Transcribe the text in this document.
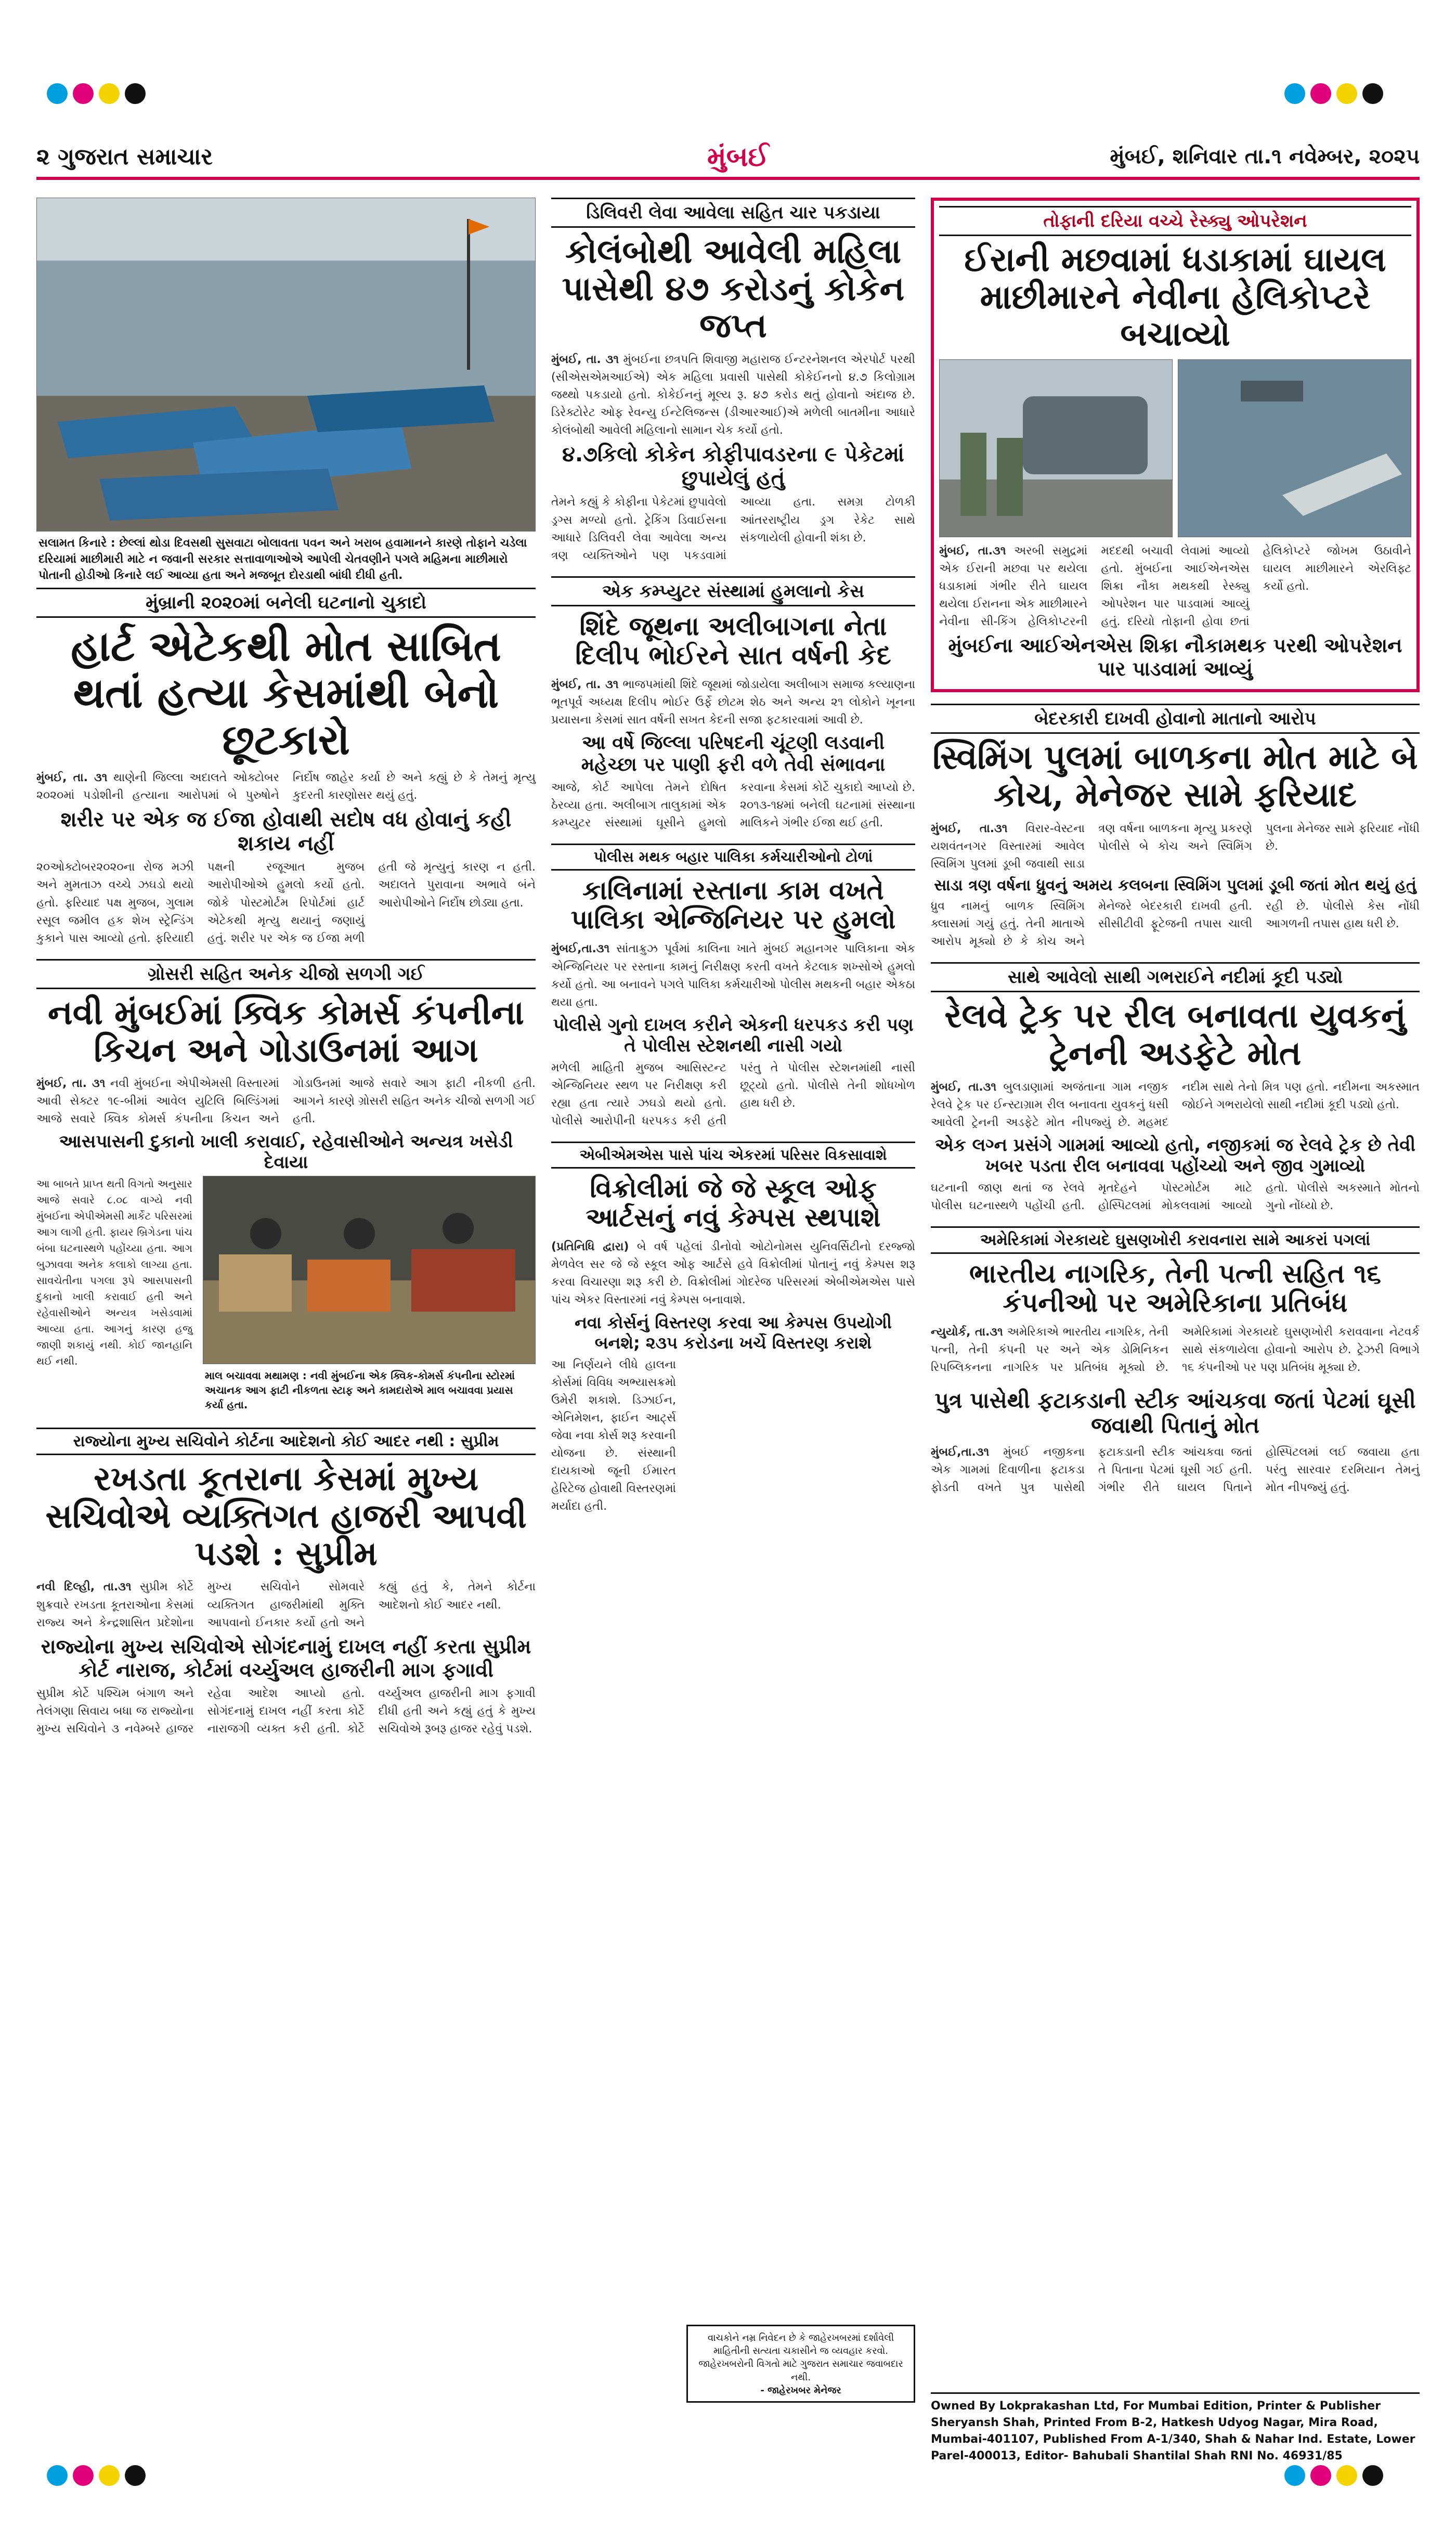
૨ ગુજરાત સમાચાર	મુંબઈ	મુંબઈ, શનિવાર તા.૧ નવેમ્બર, ૨૦૨૫
સલામત કિનારે : છેલ્લાં થોડા દિવસથી સુસવાટા બોલાવતા પવન અને ખરાબ હવામાનને કારણે તોફાને ચડેલા દરિયામાં માછીમારી માટે ન જવાની સરકાર સત્તાવાળાઓએ આપેલી ચેતવણીને પગલે મહિમના માછીમારો પોતાની હોડીઓ કિનારે લઈ આવ્યા હતા અને મજબૂત દોરડાથી બાંધી દીધી હતી.
મુંબ્રાની ૨૦૨૦માં બનેલી ઘટનાનો ચુકાદો
હાર્ટ એટેકથી મોત સાબિત થતાં હત્યા કેસમાંથી બેનો છૂટકારો
મુંબઈ, તા. ૩૧ થાણેની જિલ્લા અદાલતે ઓક્ટોબર ૨૦૨૦માં પડોશીની હત્યાના આરોપમાં બે પુરુષોને નિર્દોષ જાહેર કર્યા છે અને કહ્યું છે કે તેમનું મૃત્યુ કુદરતી કારણોસર થયું હતું.
શરીર પર એક જ ઈજા હોવાથી સદોષ વધ હોવાનું કહી શકાય નહીં
૨૦ઓક્ટોબર૨૦૨૦ના રોજ મઝી અને મુમતાઝ વચ્ચે ઝઘડો થયો હતો. ફરિયાદ પક્ષ મુજબ, ગુલામ રસૂલ જમીલ હક શેખ સ્ટ્રેન્ડિંગ કુકાને પાસ આવ્યો હતો. ફરિયાદી પક્ષની રજૂઆત મુજબ આરોપીઓએ હુમલો કર્યો હતો. જોકે પોસ્ટમોર્ટમ રિપોર્ટમાં હાર્ટ એટેકથી મૃત્યુ થયાનું જણાયું હતું. શરીર પર એક જ ઈજા મળી હતી જે મૃત્યુનું કારણ ન હતી. અદાલતે પુરાવાના અભાવે બંને આરોપીઓને નિર્દોષ છોડ્યા હતા.
ગ્રોસરી સહિત અનેક ચીજો સળગી ગઈ
નવી મુંબઈમાં ક્વિક કોમર્સ કંપનીના કિચન અને ગોડાઉનમાં આગ
મુંબઈ, તા. ૩૧ નવી મુંબઈના એપીએમસી વિસ્તારમાં આવી સેક્ટર ૧૯-બીમાં આવેલ યુટિલિ બિલ્ડિંગમાં આજે સવારે ક્વિક કોમર્સ કંપનીના કિચન અને ગોડાઉનમાં આજે સવારે આગ ફાટી નીકળી હતી. આગને કારણે ગ્રોસરી સહિત અનેક ચીજો સળગી ગઈ હતી.
આસપાસની દુકાનો ખાલી કરાવાઈ, રહેવાસીઓને અન્યત્ર ખસેડી દેવાયા
આ બાબતે પ્રાપ્ત થતી વિગતો અનુસાર આજે સવારે ૮.૦૮ વાગ્યે નવી મુંબઈના એપીએમસી માર્કેટ પરિસરમાં આગ લાગી હતી. ફાયર બ્રિગેડના પાંચ બંબા ઘટનાસ્થળે પહોંચ્યા હતા. આગ બુઝાવવા અનેક કલાકો લાગ્યા હતા. સાવચેતીના પગલા રૂપે આસપાસની દુકાનો ખાલી કરાવાઈ હતી અને રહેવાસીઓને અન્યત્ર ખસેડવામાં આવ્યા હતા. આગનું કારણ હજુ જાણી શકાયું નથી. કોઈ જાનહાનિ થઈ નથી.
માલ બચાવવા મથામણ : નવી મુંબઈના એક ક્વિક-કોમર્સ કંપનીના સ્ટોરમાં અચાનક આગ ફાટી નીકળતા સ્ટાફ અને કામદારોએ માલ બચાવવા પ્રયાસ કર્યા હતા.
રાજ્યોના મુખ્ય સચિવોને કોર્ટના આદેશનો કોઈ આદર નથી : સુપ્રીમ
રખડતા કૂતરાના કેસમાં મુખ્ય સચિવોએ વ્યક્તિગત હાજરી આપવી પડશે : સુપ્રીમ
નવી દિલ્હી, તા.૩૧ સુપ્રીમ કોર્ટે શુક્રવારે રખડતા કૂતરાઓના કેસમાં રાજ્ય અને કેન્દ્રશાસિત પ્રદેશોના મુખ્ય સચિવોને સોમવારે વ્યક્તિગત હાજરીમાંથી મુક્તિ આપવાનો ઈનકાર કર્યો હતો અને કહ્યું હતું કે, તેમને કોર્ટના આદેશનો કોઈ આદર નથી.
રાજ્યોના મુખ્ય સચિવોએ સોગંદનામું દાખલ નહીં કરતા સુપ્રીમ કોર્ટ નારાજ, કોર્ટમાં વર્ચ્યુઅલ હાજરીની માગ ફગાવી
સુપ્રીમ કોર્ટે પશ્ચિમ બંગાળ અને તેલંગણા સિવાય બધા જ રાજ્યોના મુખ્ય સચિવોને ૩ નવેમ્બરે હાજર રહેવા આદેશ આપ્યો હતો. સોગંદનામું દાખલ નહીં કરતા કોર્ટે નારાજગી વ્યક્ત કરી હતી. કોર્ટે વર્ચ્યુઅલ હાજરીની માગ ફગાવી દીધી હતી અને કહ્યું હતું કે મુખ્ય સચિવોએ રૂબરૂ હાજર રહેવું પડશે.
ડિલિવરી લેવા આવેલા સહિત ચાર પકડાયા
કોલંબોથી આવેલી મહિલા પાસેથી ૪૭ કરોડનું કોકેન જપ્ત
મુંબઈ, તા. ૩૧ મુંબઈના છત્રપતિ શિવાજી મહારાજ ઈન્ટરનેશનલ એરપોર્ટ પરથી (સીએસએમઆઈએ) એક મહિલા પ્રવાસી પાસેથી કોકેઈનનો ૪.૭ કિલોગ્રામ જથ્થો પકડાયો હતો. કોકેઈનનું મૂલ્ય રૂ. ૪૭ કરોડ થતું હોવાનો અંદાજ છે. ડિરેક્ટોરેટ ઓફ રેવન્યુ ઈન્ટેલિજન્સ (ડીઆરઆઈ)એ મળેલી બાતમીના આધારે કોલંબોથી આવેલી મહિલાનો સામાન ચેક કર્યો હતો.
૪.૭કિલો કોકેન કોફીપાવડરના ૯ પેકેટમાં છુપાયેલું હતું
તેમને કહ્યું કે કોફીના પેકેટમાં છુપાવેલો ડ્રગ્સ મળ્યો હતો. ટ્રેકિંગ ડિવાઈસના આધારે ડિલિવરી લેવા આવેલા અન્ય ત્રણ વ્યક્તિઓને પણ પકડવામાં આવ્યા હતા. સમગ્ર ટોળકી આંતરરાષ્ટ્રીય ડ્રગ રેકેટ સાથે સંકળાયેલી હોવાની શંકા છે.
એક કમ્પ્યુટર સંસ્થામાં હુમલાનો કેસ
શિંદે જૂથના અલીબાગના નેતા દિલીપ ભોઈરને સાત વર્ષની કેદ
મુંબઈ, તા. ૩૧ ભાજપમાંથી શિંદે જૂથમાં જોડાયેલા અલીબાગ સમાજ કલ્યાણના ભૂતપૂર્વ અધ્યક્ષ દિલીપ ભોઈર ઉર્ફે છોટમ શેઠ અને અન્ય ૨૧ લોકોને ખૂનના પ્રયાસના કેસમાં સાત વર્ષની સખત કેદની સજા ફટકારવામાં આવી છે.
આ વર્ષે જિલ્લા પરિષદની ચૂંટણી લડવાની મહેચ્છા પર પાણી ફરી વળે તેવી સંભાવના
આજે, કોર્ટ આપેલા તેમને દોષિત ઠેરવ્યા હતા. અલીબાગ તાલુકામાં એક કમ્પ્યુટર સંસ્થામાં ઘૂસીને હુમલો કરવાના કેસમાં કોર્ટે ચુકાદો આપ્યો છે. ૨૦૧૩-૧૪માં બનેલી ઘટનામાં સંસ્થાના માલિકને ગંભીર ઈજા થઈ હતી.
પોલીસ મથક બહાર પાલિકા કર્મચારીઓનો ટોળાં
કાલિનામાં રસ્તાના કામ વખતે પાલિકા એન્જિનિયર પર હુમલો
મુંબઈ,તા.૩૧ સાંતાક્રુઝ પૂર્વમાં કાલિના ખાતે મુંબઈ મહાનગર પાલિકાના એક એન્જિનિયર પર રસ્તાના કામનું નિરીક્ષણ કરતી વખતે કેટલાક શખ્સોએ હુમલો કર્યો હતો. આ બનાવને પગલે પાલિકા કર્મચારીઓ પોલીસ મથકની બહાર એકઠા થયા હતા.
પોલીસે ગુનો દાખલ કરીને એકની ધરપકડ કરી પણ તે પોલીસ સ્ટેશનથી નાસી ગયો
મળેલી માહિતી મુજબ આસિસ્ટન્ટ એન્જિનિયર સ્થળ પર નિરીક્ષણ કરી રહ્યા હતા ત્યારે ઝઘડો થયો હતો. પોલીસે આરોપીની ધરપકડ કરી હતી પરંતુ તે પોલીસ સ્ટેશનમાંથી નાસી છૂટ્યો હતો. પોલીસે તેની શોધખોળ હાથ ધરી છે.
એબીએમએસ પાસે પાંચ એકરમાં પરિસર વિકસાવાશે
વિક્રોલીમાં જે જે સ્કૂલ ઓફ આર્ટસનું નવું કેમ્પસ સ્થપાશે
(પ્રતિનિધિ દ્વારા) બે વર્ષ પહેલાં ડીનોવો ઓટોનોમસ યુનિવર્સિટીનો દરજ્જો મેળવેલ સર જે જે સ્કૂલ ઓફ આર્ટસે હવે વિક્રોલીમાં પોતાનું નવું કેમ્પસ શરૂ કરવા વિચારણા શરૂ કરી છે. વિક્રોલીમાં ગોદરેજ પરિસરમાં એબીએમએસ પાસે પાંચ એકર વિસ્તારમાં નવું કેમ્પસ બનાવાશે.
નવા કોર્સનું વિસ્તરણ કરવા આ કેમ્પસ ઉપયોગી બનશે; ૨૩૫ કરોડના ખર્ચે વિસ્તરણ કરાશે
આ નિર્ણયને લીધે હાલના કોર્સમાં વિવિધ અભ્યાસક્રમો ઉમેરી શકાશે. ડિઝાઈન, એનિમેશન, ફાઈન આર્ટ્સ જેવા નવા કોર્સ શરૂ કરવાની યોજના છે. સંસ્થાની દાયકાઓ જૂની ઈમારત હેરિટેજ હોવાથી વિસ્તરણમાં મર્યાદા હતી.
વાચકોને નમ્ર નિવેદન છે કે જાહેરખબરમાં દર્શાવેલી માહિતીની સત્યતા ચકાસીને જ વ્યવહાર કરવો. જાહેરખબરોની વિગતો માટે ગુજરાત સમાચાર જવાબદાર નથી.
- જાહેરખબર મેનેજર
તોફાની દરિયા વચ્ચે રેસ્ક્યુ ઓપરેશન
ઈરાની મછવામાં ધડાકામાં ઘાયલ માછીમારને નેવીના હેલિકોપ્ટરે બચાવ્યો
મુંબઈ, તા.૩૧ અરબી સમુદ્રમાં એક ઈરાની મછવા પર થયેલા ધડાકામાં ગંભીર રીતે ઘાયલ થયેલા ઈરાનના એક માછીમારને નેવીના સી-કિંગ હેલિકોપ્ટરની મદદથી બચાવી લેવામાં આવ્યો હતો. મુંબઈના આઈએનએસ શિક્રા નૌકા મથકથી રેસ્ક્યુ ઓપરેશન પાર પાડવામાં આવ્યું હતું. દરિયો તોફાની હોવા છતાં હેલિકોપ્ટરે જોખમ ઉઠાવીને ઘાયલ માછીમારને એરલિફ્ટ કર્યો હતો.
મુંબઈના આઈએનએસ શિક્રા નૌકામથક પરથી ઓપરેશન પાર પાડવામાં આવ્યું
બેદરકારી દાખવી હોવાનો માતાનો આરોપ
સ્વિમિંગ પુલમાં બાળકના મોત માટે બે કોચ, મેનેજર સામે ફરિયાદ
મુંબઈ, તા.૩૧ વિરાર-વેસ્ટના યશવંતનગર વિસ્તારમાં આવેલ સ્વિમિંગ પુલમાં ડૂબી જવાથી સાડા ત્રણ વર્ષના બાળકના મૃત્યુ પ્રકરણે પોલીસે બે કોચ અને સ્વિમિંગ પુલના મેનેજર સામે ફરિયાદ નોંધી છે.
સાડા ત્રણ વર્ષના ધ્રુવનું અમય કલબના સ્વિમિંગ પુલમાં ડૂબી જતાં મોત થયું હતું
ધ્રુવ નામનું બાળક સ્વિમિંગ ક્લાસમાં ગયું હતું. તેની માતાએ આરોપ મૂક્યો છે કે કોચ અને મેનેજરે બેદરકારી દાખવી હતી. સીસીટીવી ફૂટેજની તપાસ ચાલી રહી છે. પોલીસે કેસ નોંધી આગળની તપાસ હાથ ધરી છે.
સાથે આવેલો સાથી ગભરાઈને નદીમાં કૂદી પડ્યો
રેલવે ટ્રેક પર રીલ બનાવતા યુવકનું ટ્રેનની અડફેટે મોત
મુંબઈ, તા.૩૧ બુલડાણામાં અજંતાના ગામ નજીક રેલવે ટ્રેક પર ઈન્સ્ટાગ્રામ રીલ બનાવતા યુવકનું ધસી આવેલી ટ્રેનની અડફેટે મોત નીપજ્યું છે. મહમદ નદીમ સાથે તેનો મિત્ર પણ હતો. નદીમના અકસ્માત જોઈને ગભરાયેલો સાથી નદીમાં કૂદી પડ્યો હતો.
એક લગ્ન પ્રસંગે ગામમાં આવ્યો હતો, નજીકમાં જ રેલવે ટ્રેક છે તેવી ખબર પડતા રીલ બનાવવા પહોંચ્યો અને જીવ ગુમાવ્યો
ઘટનાની જાણ થતાં જ રેલવે પોલીસ ઘટનાસ્થળે પહોંચી હતી. મૃતદેહને પોસ્ટમોર્ટમ માટે હોસ્પિટલમાં મોકલવામાં આવ્યો હતો. પોલીસે અકસ્માતે મોતનો ગુનો નોંધ્યો છે.
અમેરિકામાં ગેરકાયદે ઘુસણખોરી કરાવનારા સામે આકરાં પગલાં
ભારતીય નાગરિક, તેની પત્ની સહિત ૧૬ કંપનીઓ પર અમેરિકાના પ્રતિબંધ
ન્યુયોર્ક, તા.૩૧ અમેરિકાએ ભારતીય નાગરિક, તેની પત્ની, તેની કંપની પર અને એક ડોમિનિકન રિપબ્લિકનના નાગરિક પર પ્રતિબંધ મૂક્યો છે. અમેરિકામાં ગેરકાયદે ઘુસણખોરી કરાવવાના નેટવર્ક સાથે સંકળાયેલા હોવાનો આરોપ છે. ટ્રેઝરી વિભાગે ૧૬ કંપનીઓ પર પણ પ્રતિબંધ મૂક્યા છે.
પુત્ર પાસેથી ફટાકડાની સ્ટીક આંચકવા જતાં પેટમાં ઘૂસી જવાથી પિતાનું મોત
મુંબઈ,તા.૩૧ મુંબઈ નજીકના એક ગામમાં દિવાળીના ફટાકડા ફોડતી વખતે પુત્ર પાસેથી ફટાકડાની સ્ટીક આંચકવા જતાં તે પિતાના પેટમાં ઘૂસી ગઈ હતી. ગંભીર રીતે ઘાયલ પિતાને હોસ્પિટલમાં લઈ જવાયા હતા પરંતુ સારવાર દરમિયાન તેમનું મોત નીપજ્યું હતું.
Owned By Lokprakashan Ltd, For Mumbai Edition, Printer & Publisher Sheryansh Shah, Printed From B-2, Hatkesh Udyog Nagar, Mira Road, Mumbai-401107, Published From A-1/340, Shah & Nahar Ind. Estate, Lower Parel-400013, Editor- Bahubali Shantilal Shah RNI No. 46931/85
